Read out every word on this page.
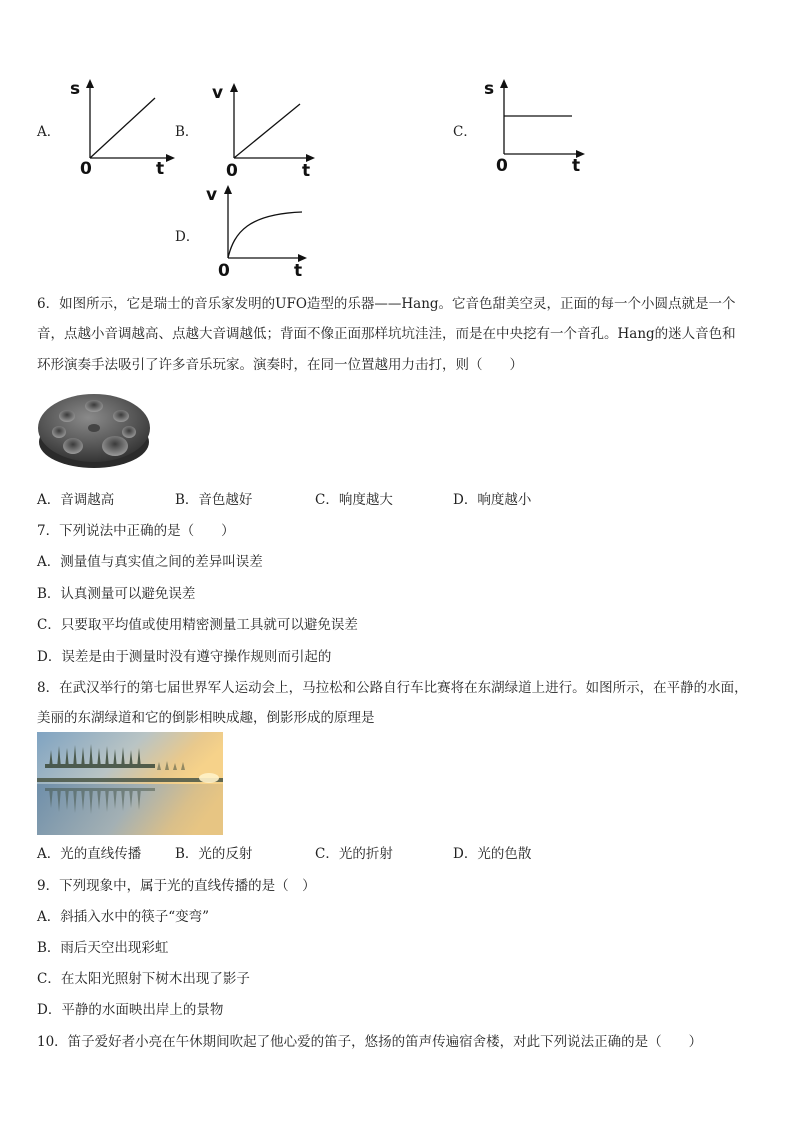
A．
s
0	t
B．
v
0	t
C．
s
0	t
D．
v
0	t
6．如图所示，它是瑞士的音乐家发明的UFO造型的乐器——Hang。它音色甜美空灵，正面的每一个小圆点就是一个
音，点越小音调越高、点越大音调越低；背面不像正面那样坑坑洼洼，而是在中央挖有一个音孔。Hang的迷人音色和
环形演奏手法吸引了许多音乐玩家。演奏时，在同一位置越用力击打，则（　　）
A．音调越高	B．音色越好	C．响度越大	D．响度越小
7．下列说法中正确的是（　　）
A．测量值与真实值之间的差异叫误差
B．认真测量可以避免误差
C．只要取平均值或使用精密测量工具就可以避免误差
D．误差是由于测量时没有遵守操作规则而引起的
8．在武汉举行的第七届世界军人运动会上，马拉松和公路自行车比赛将在东湖绿道上进行。如图所示，在平静的水面，
美丽的东湖绿道和它的倒影相映成趣，倒影形成的原理是
A．光的直线传播	B．光的反射	C．光的折射	D．光的色散
9．下列现象中，属于光的直线传播的是（　）
A．斜插入水中的筷子“变弯”
B．雨后天空出现彩虹
C．在太阳光照射下树木出现了影子
D．平静的水面映出岸上的景物
10．笛子爱好者小亮在午休期间吹起了他心爱的笛子，悠扬的笛声传遍宿舍楼，对此下列说法正确的是（　　）
